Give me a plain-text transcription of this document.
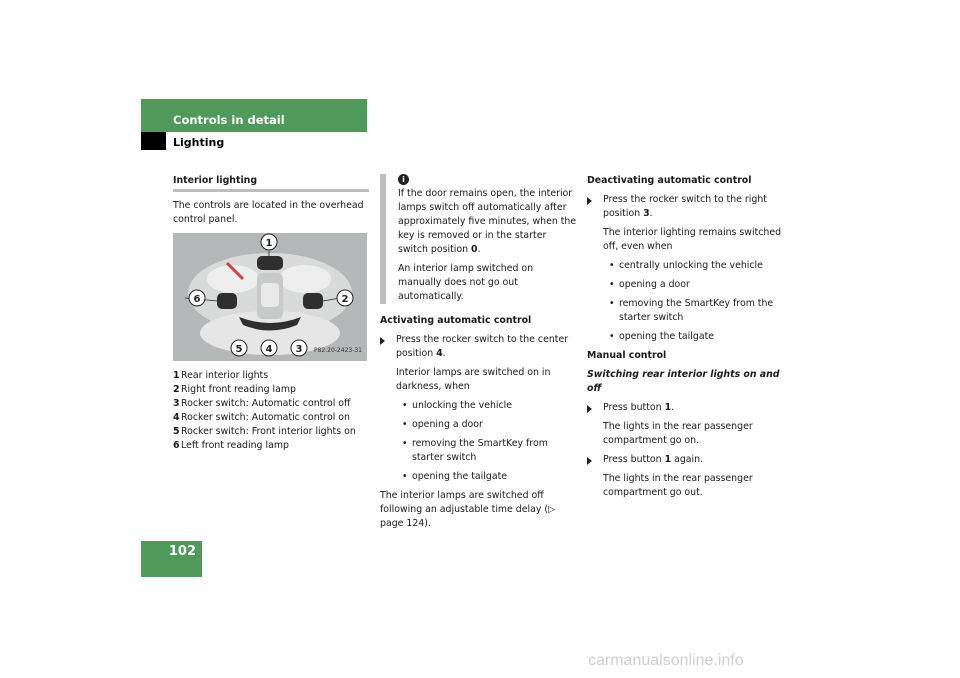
Controls in detail
Lighting
Interior lighting

The controls are located in the overhead control panel.

1
2
3
4
5
6
P82.20-2423-31
1Rear interior lights
2Right front reading lamp
3Rocker switch: Automatic control off
4Rocker switch: Automatic control on
5Rocker switch: Front interior lights on
6Left front reading lamp
i

If the door remains open, the interior lamps switch off automatically after approximately five minutes, when the key is removed or in the starter switch position 0.

An interior lamp switched on manually does not go out automatically.

Activating automatic control

Press the rocker switch to the center position 4.

Interior lamps are switched on in darkness, when

• unlocking the vehicle
• opening a door
• removing the SmartKey from starter switch
• opening the tailgate

The interior lamps are switched off following an adjustable time delay (▷ page 124).

Deactivating automatic control

Press the rocker switch to the right position 3.

The interior lighting remains switched off, even when

• centrally unlocking the vehicle
• opening a door
• removing the SmartKey from the starter switch
• opening the tailgate

Manual control

Switching rear interior lights on and off

Press button 1.

The lights in the rear passenger compartment go on.

Press button 1 again.

The lights in the rear passenger compartment go out.

102
carmanualsonline.info
